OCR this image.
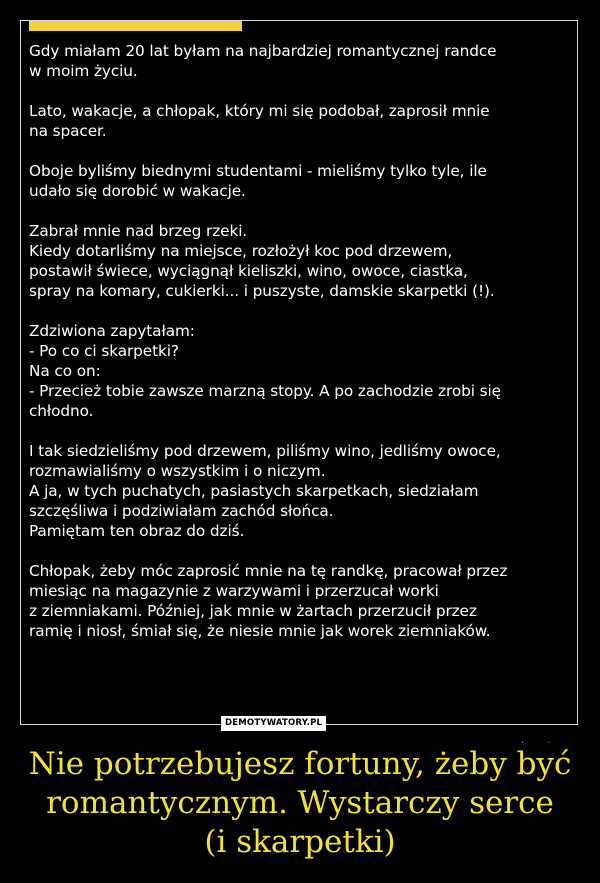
Gdy miałam 20 lat byłam na najbardziej romantycznej randce
w moim życiu.

Lato, wakacje, a chłopak, który mi się podobał, zaprosił mnie
na spacer.

Oboje byliśmy biednymi studentami - mieliśmy tylko tyle, ile
udało się dorobić w wakacje.

Zabrał mnie nad brzeg rzeki.
Kiedy dotarliśmy na miejsce, rozłożył koc pod drzewem,
postawił świece, wyciągnął kieliszki, wino, owoce, ciastka,
spray na komary, cukierki... i puszyste, damskie skarpetki (!).

Zdziwiona zapytałam:
- Po co ci skarpetki?
Na co on:
- Przecież tobie zawsze marzną stopy. A po zachodzie zrobi się
chłodno.

I tak siedzieliśmy pod drzewem, piliśmy wino, jedliśmy owoce,
rozmawialiśmy o wszystkim i o niczym.
A ja, w tych puchatych, pasiastych skarpetkach, siedziałam
szczęśliwa i podziwiałam zachód słońca.
Pamiętam ten obraz do dziś.

Chłopak, żeby móc zaprosić mnie na tę randkę, pracował przez
miesiąc na magazynie z warzywami i przerzucał worki
z ziemniakami. Później, jak mnie w żartach przerzucił przez
ramię i niosł, śmiał się, że niesie mnie jak worek ziemniaków.

. .
DEMOTYWATORY.PL
Nie potrzebujesz fortuny, żeby być
romantycznym. Wystarczy serce
(i skarpetki)
